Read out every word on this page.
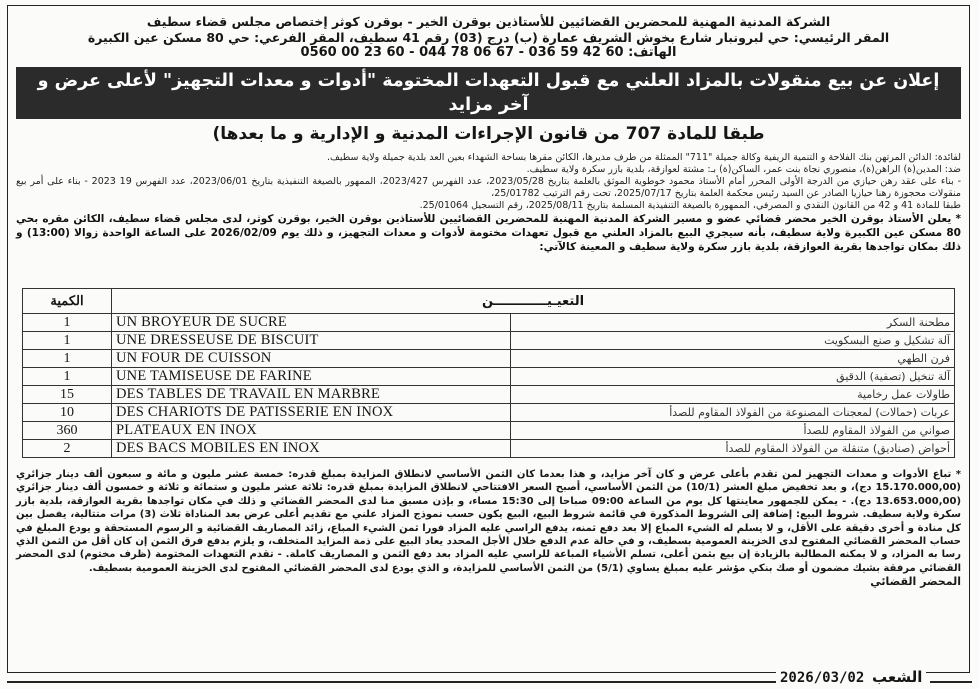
الشركة المدنية المهنية للمحضرين القضائيين للأستاذين بوقرن الخير - بوقرن كوثر إختصاص مجلس قضاء سطيف
المقر الرئيسي: حي لبرونبار شارع بخوش الشريف عمارة (ب) درج (03) رقم 41 سطيف، المقر الفرعي: حي 80 مسكن عين الكبيرة
الهاتف: 60 42 59 036 - 67 06 78 044 - 60 23 00 0560
إعلان عن بيع منقولات بالمزاد العلني مع قبول التعهدات المختومة "أدوات و معدات التجهيز" لأعلى عرض و آخر مزايد
طبقا للمادة 707 من قانون الإجراءات المدنية و الإدارية و ما بعدها)

لفائدة: الدائن المرتهن بنك الفلاحة و التنمية الريفية وكالة جميلة "711" الممثلة من طرف مديرها، الكائن مقرها بساحة الشهداء بعين العد بلدية جميلة ولاية سطيف.

ضد: المدين(ة) الراهن(ة)، منصوري نجاة بنت عمر، الساكن(ة) بـ: مشتة لعوازقة، بلدية بازر سكرة ولاية سطيف.

- بناء على عقد رهن حيازي من الدرجة الأولى المحرر أمام الأستاذ محمود خوطوية الموثق بالعلمة بتاريخ 2023/05/28، عدد الفهرس 2023/427، الممهور بالصيغة التنفيذية بتاريخ 2023/06/01، عدد الفهرس 19 2023 - بناء على أمر بيع منقولات محجوزة رهنا حيازيا الصادر عن السيد رئيس محكمة العلمة بتاريخ 2025/07/17، تحت رقم الترتيب 25/01782،

طبقا للمادة 41 و 42 من القانون النقدي و المصرفي، الممهورة بالصيغة التنفيذية المسلمة بتاريخ 2025/08/11، رقم التسجيل 25/01064.

* يعلن الأستاذ بوقرن الخير محضر قضائي عضو و مسير الشركة المدنية المهنية للمحضرين القضائيين للأستاذين بوقرن الخير، بوقرن كوثر، لدى مجلس قضاء سطيف، الكائن مقره بحي 80 مسكن عين الكبيرة ولاية سطيف، بأنه سيجري البيع بالمزاد العلني مع قبول تعهدات مختومة لأدوات و معدات التجهيز، و ذلك يوم 2026/02/09 على الساعة الواحدة زوالا (13:00) و ذلك بمكان تواجدها بقرية العوازقة، بلدية بازر سكرة ولاية سطيف و المعينة كالآتي:

الكمية	التعيـيــــــــــــن	
1	UN BROYEUR DE SUCRE	مطحنة السكر
1	UNE DRESSEUSE DE BISCUIT	آلة تشكيل و صنع البسكويت
1	UN FOUR DE CUISSON	فرن الطهي
1	UNE TAMISEUSE DE FARINE	آلة تنخيل (تصفية) الدقيق
15	DES TABLES DE TRAVAIL EN MARBRE	طاولات عمل رخامية
10	DES CHARIOTS DE PATISSERIE EN INOX	عربات (حمالات) لمعجنات المصنوعة من الفولاذ المقاوم للصدأ
360	PLATEAUX EN INOX	صواني من الفولاذ المقاوم للصدأ
2	DES BACS MOBILES EN INOX	أحواض (صناديق) متنقلة من الفولاذ المقاوم للصدأ

* تباع الأدوات و معدات التجهيز لمن تقدم بأعلى عرض و كان آخر مزايد، و هذا بعدما كان الثمن الأساسي لانطلاق المزايدة بمبلغ قدره: خمسة عشر مليون و مائة و سبعون ألف دينار جزائري (15.170.000,00 دج)، و بعد تخفيض مبلغ العشر (10/1) من الثمن الأساسي، أصبح السعر الافتتاحي لانطلاق المزايدة بمبلغ قدره: ثلاثة عشر مليون و ستمائة و ثلاثة و خمسون ألف دينار جزائري (13.653.000,00 دج). - يمكن للجمهور معاينتها كل يوم من الساعة 09:00 صباحا إلى 15:30 مساء، و بإذن مسبق منا لدى المحضر القضائي و ذلك في مكان تواجدها بقرية العوازقة، بلدية بازر سكرة ولاية سطيف. شروط البيع: إضافة إلى الشروط المذكورة في قائمة شروط البيع، البيع يكون حسب نموذج المزاد علني مع تقديم أعلى عرض بعد المناداة ثلاث (3) مرات متتالية، يفصل بين كل منادة و أخرى دقيقة على الأقل، و لا يسلم له الشيء المباع إلا بعد دفع ثمنه، يدفع الراسي عليه المزاد فورا ثمن الشيء المباع، زائد المصاريف القضائية و الرسوم المستحقة و يودع المبلغ في حساب المحضر القضائي المفتوح لدى الخزينة العمومية بسطيف، و في حالة عدم الدفع خلال الأجل المحدد يعاد البيع على ذمة المزايد المتخلف، و يلزم بدفع فرق الثمن إن كان أقل من الثمن الذي رسا به المزاد، و لا يمكنه المطالبة بالزيادة إن بيع بثمن أعلى، تسلم الأشياء المباعة للراسي عليه المزاد بعد دفع الثمن و المصاريف كاملة. - تقدم التعهدات المختومة (ظرف مختوم) لدى المحضر القضائي مرفقة بشيك مضمون أو صك بنكي مؤشر عليه بمبلغ يساوي (5/1) من الثمن الأساسي للمزايدة، و الذي يودع لدى المحضر القضائي المفتوح لدى الخزينة العمومية بسطيف.

المحضر القضائي

2026/03/02 الشعب
